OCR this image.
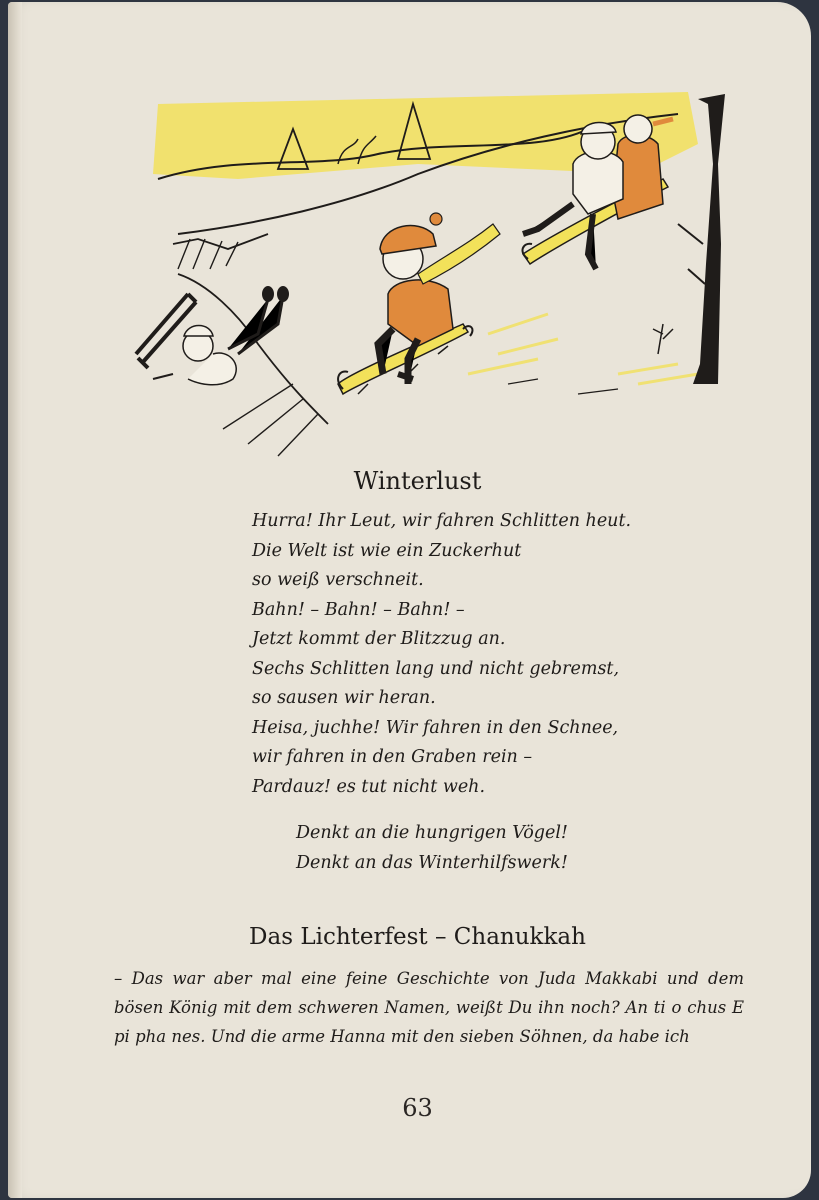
Winterlust
Hurra! Ihr Leut, wir fahren Schlitten heut.
Die Welt ist wie ein Zuckerhut
so weiß verschneit.
Bahn! – Bahn! – Bahn! –
Jetzt kommt der Blitzzug an.
Sechs Schlitten lang und nicht gebremst,
so sausen wir heran.
Heisa, juchhe! Wir fahren in den Schnee,
wir fahren in den Graben rein –
Pardauz! es tut nicht weh.
Denkt an die hungrigen Vögel!
Denkt an das Winterhilfswerk!
Das Lichterfest – Chanukkah
– Das war aber mal eine feine Geschichte von Juda Makkabi und dem bösen König mit dem schweren Namen, weißt Du ihn noch? An ti o chus E pi pha nes. Und die arme Hanna mit den sieben Söhnen, da habe ich
63
